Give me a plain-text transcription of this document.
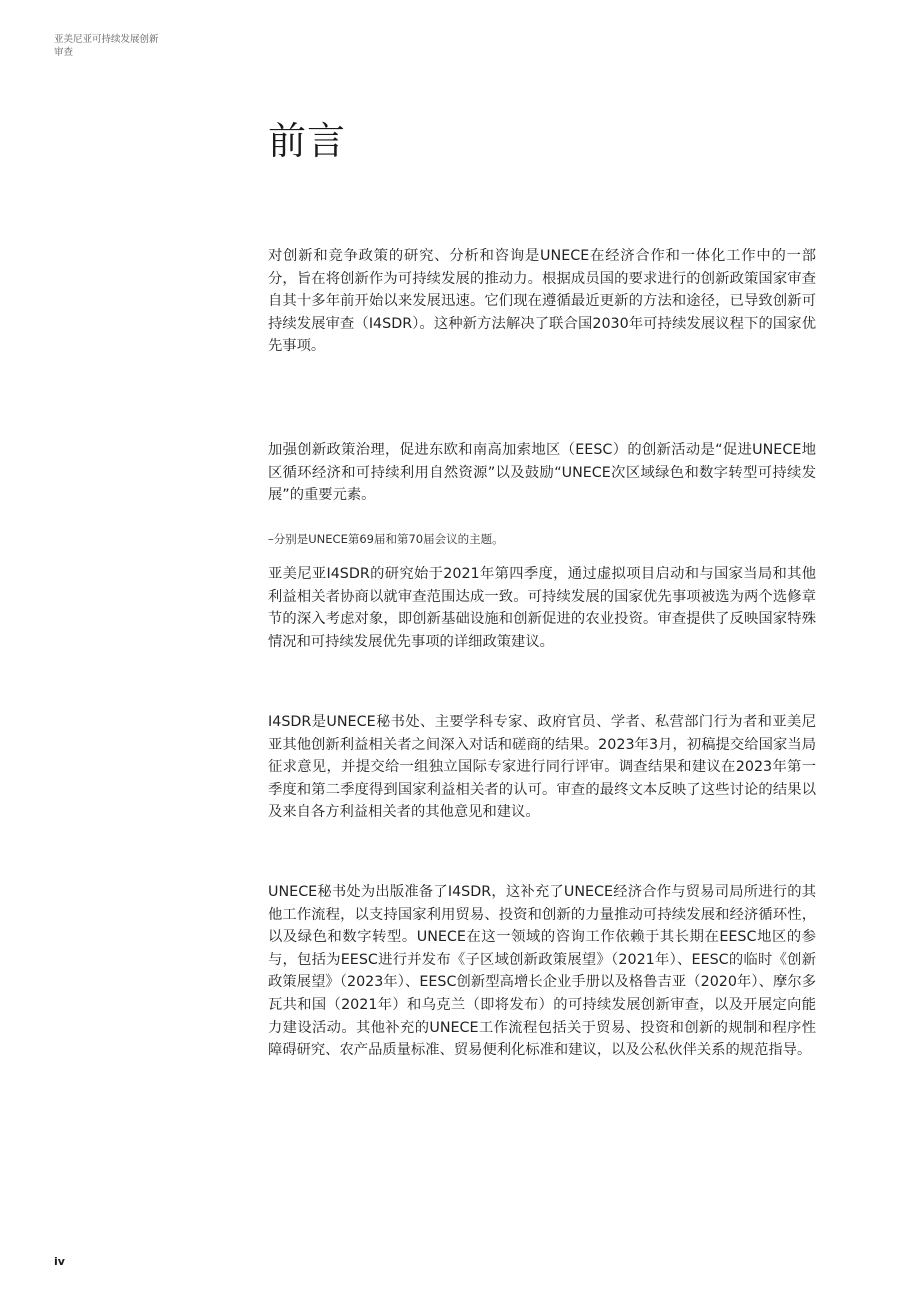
亚美尼亚可持续发展创新
审查
前言

对创新和竞争政策的研究、分析和咨询是UNECE在经济合作和一体化工作中的一部分，旨在将创新作为可持续发展的推动力。根据成员国的要求进行的创新政策国家审查自其十多年前开始以来发展迅速。它们现在遵循最近更新的方法和途径，已导致创新可持续发展审查（I4SDR）。这种新方法解决了联合国2030年可持续发展议程下的国家优先事项。

加强创新政策治理，促进东欧和南高加索地区（EESC）的创新活动是“促进UNECE地区循环经济和可持续利用自然资源”以及鼓励“UNECE次区域绿色和数字转型可持续发展”的重要元素。

–分别是UNECE第69届和第70届会议的主题。

亚美尼亚I4SDR的研究始于2021年第四季度，通过虚拟项目启动和与国家当局和其他利益相关者协商以就审查范围达成一致。可持续发展的国家优先事项被选为两个选修章节的深入考虑对象，即创新基础设施和创新促进的农业投资。审查提供了反映国家特殊情况和可持续发展优先事项的详细政策建议。

I4SDR是UNECE秘书处、主要学科专家、政府官员、学者、私营部门行为者和亚美尼亚其他创新利益相关者之间深入对话和磋商的结果。2023年3月，初稿提交给国家当局征求意见，并提交给一组独立国际专家进行同行评审。调查结果和建议在2023年第一季度和第二季度得到国家利益相关者的认可。审查的最终文本反映了这些讨论的结果以及来自各方利益相关者的其他意见和建议。

UNECE秘书处为出版准备了I4SDR，这补充了UNECE经济合作与贸易司局所进行的其他工作流程，以支持国家利用贸易、投资和创新的力量推动可持续发展和经济循环性，以及绿色和数字转型。UNECE在这一领域的咨询工作依赖于其长期在EESC地区的参与，包括为EESC进行并发布《子区域创新政策展望》（2021年）、EESC的临时《创新政策展望》（2023年）、EESC创新型高增长企业手册以及格鲁吉亚（2020年）、摩尔多瓦共和国（2021年）和乌克兰（即将发布）的可持续发展创新审查，以及开展定向能力建设活动。其他补充的UNECE工作流程包括关于贸易、投资和创新的规制和程序性障碍研究、农产品质量标准、贸易便利化标准和建议，以及公私伙伴关系的规范指导。

iv
